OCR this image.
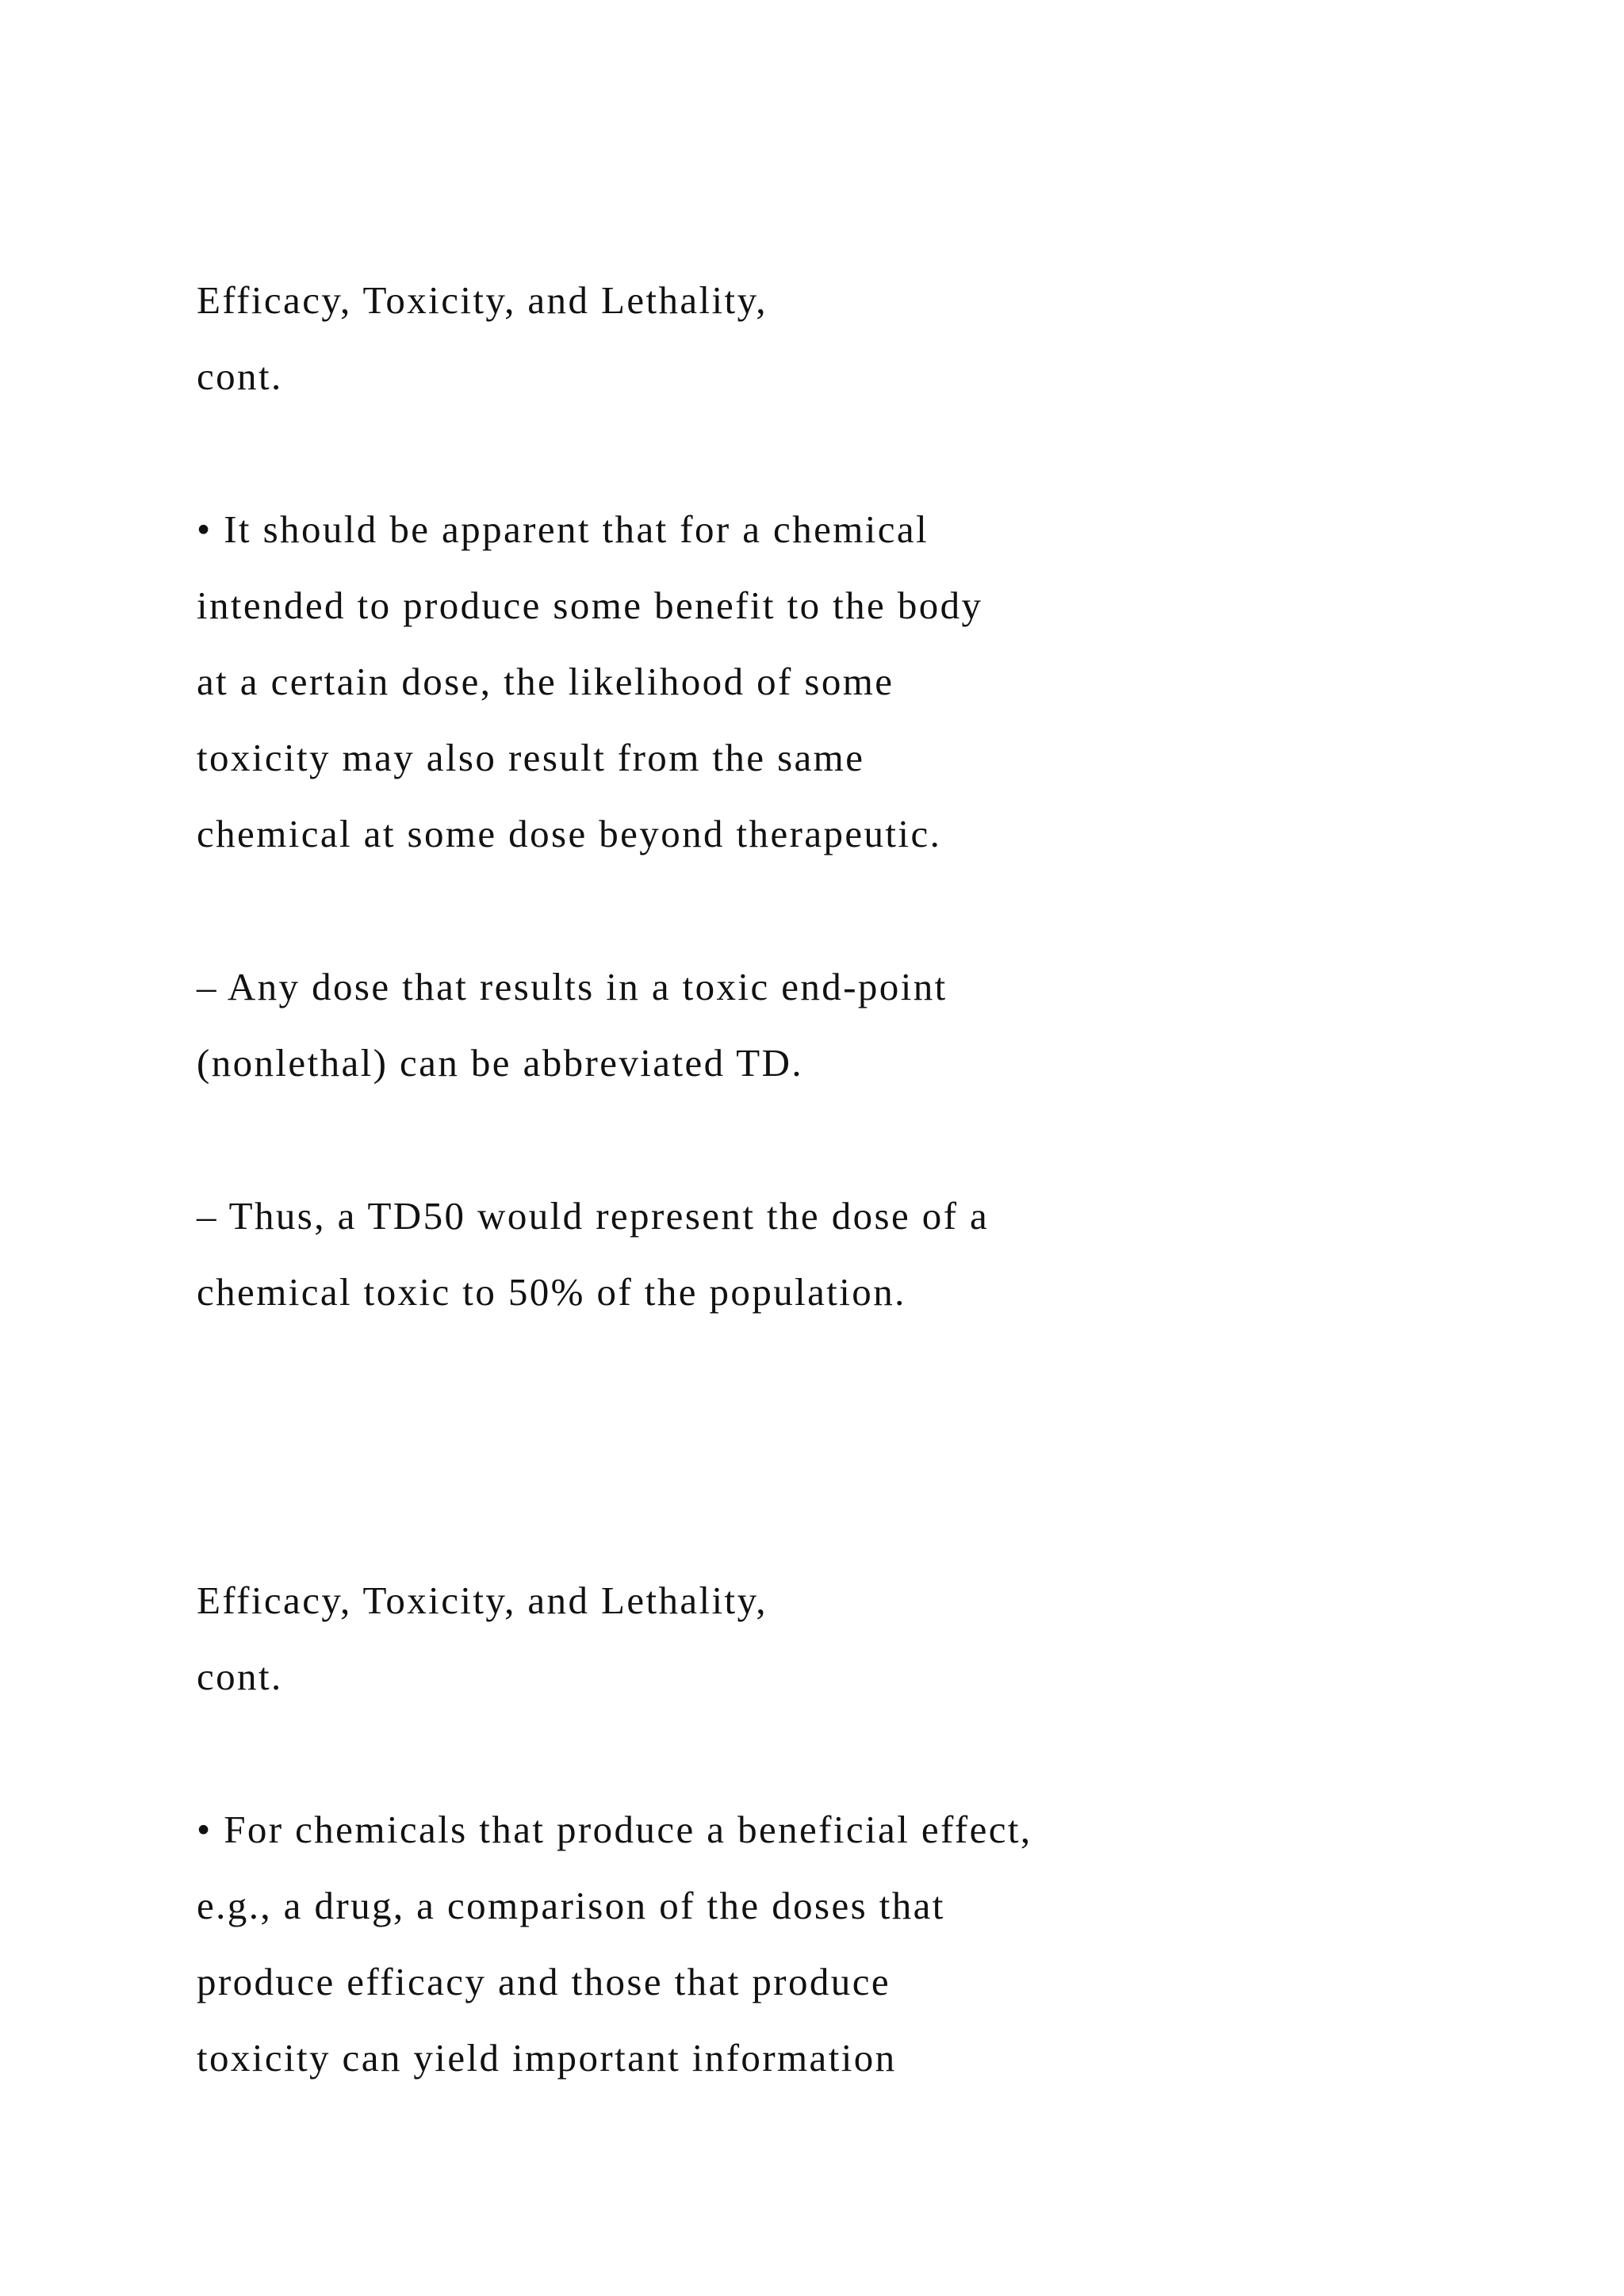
Efficacy, Toxicity, and Lethality,
cont.
• It should be apparent that for a chemical
intended to produce some benefit to the body
at a certain dose, the likelihood of some
toxicity may also result from the same
chemical at some dose beyond therapeutic.
– Any dose that results in a toxic end-point
(nonlethal) can be abbreviated TD.
– Thus, a TD50 would represent the dose of a
chemical toxic to 50% of the population.
Efficacy, Toxicity, and Lethality,
cont.
• For chemicals that produce a beneficial effect,
e.g., a drug, a comparison of the doses that
produce efficacy and those that produce
toxicity can yield important information
